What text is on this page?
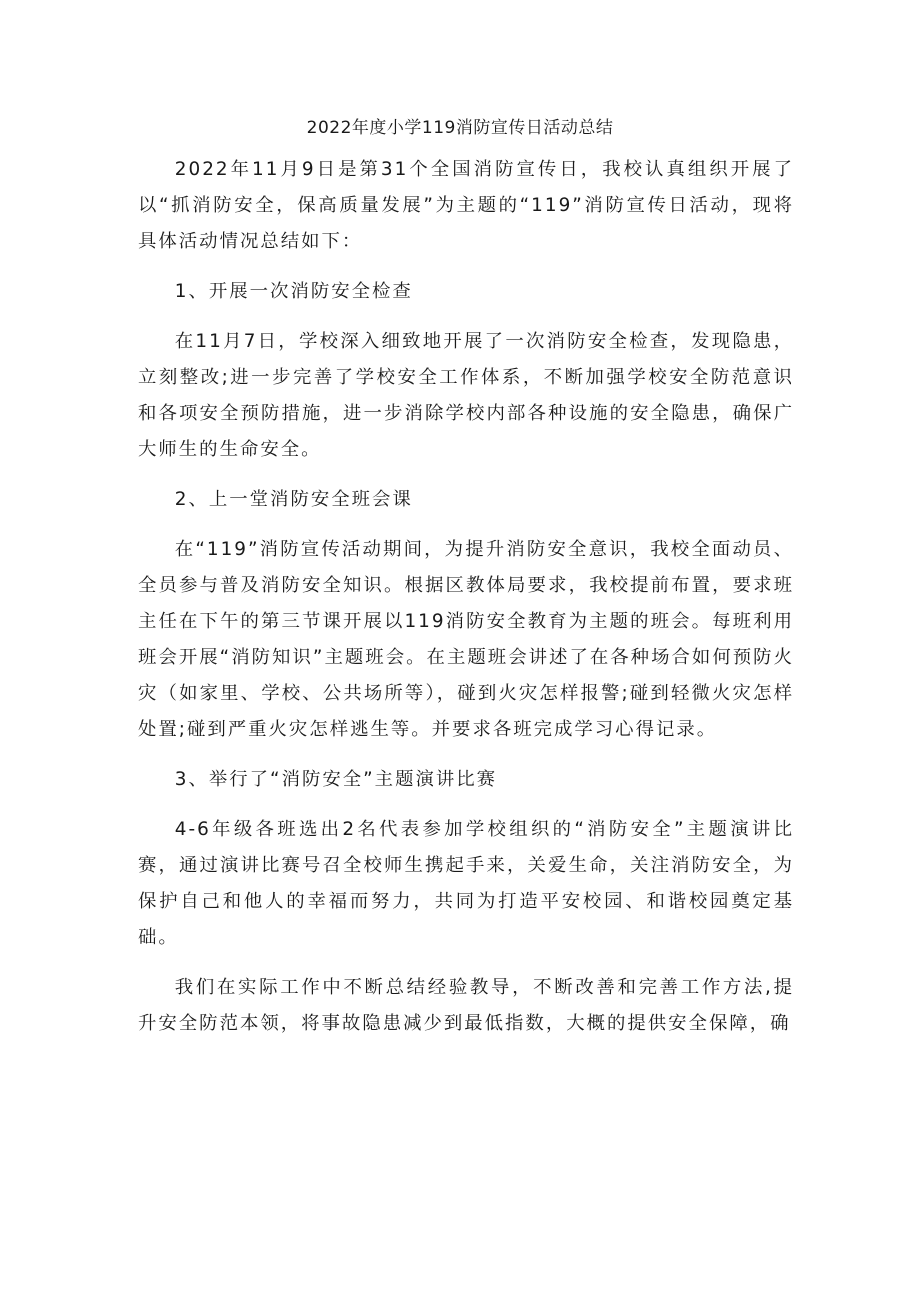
2022年度小学119消防宣传日活动总结

2022年11月9日是第31个全国消防宣传日，我校认真组织开展了以“抓消防安全，保高质量发展”为主题的“119”消防宣传日活动，现将具体活动情况总结如下：

1、开展一次消防安全检查

在11月7日，学校深入细致地开展了一次消防安全检查，发现隐患，立刻整改;进一步完善了学校安全工作体系，不断加强学校安全防范意识和各项安全预防措施，进一步消除学校内部各种设施的安全隐患，确保广大师生的生命安全。

2、上一堂消防安全班会课

在“119”消防宣传活动期间，为提升消防安全意识，我校全面动员、全员参与普及消防安全知识。根据区教体局要求，我校提前布置，要求班主任在下午的第三节课开展以119消防安全教育为主题的班会。每班利用班会开展“消防知识”主题班会。在主题班会讲述了在各种场合如何预防火灾（如家里、学校、公共场所等），碰到火灾怎样报警;碰到轻微火灾怎样处置;碰到严重火灾怎样逃生等。并要求各班完成学习心得记录。

3、举行了“消防安全”主题演讲比赛

4-6年级各班选出2名代表参加学校组织的“消防安全”主题演讲比赛，通过演讲比赛号召全校师生携起手来，关爱生命，关注消防安全，为保护自己和他人的幸福而努力，共同为打造平安校园、和谐校园奠定基础。

我们在实际工作中不断总结经验教导，不断改善和完善工作方法,提升安全防范本领，将事故隐患减少到最低指数，大概的提供安全保障，确
